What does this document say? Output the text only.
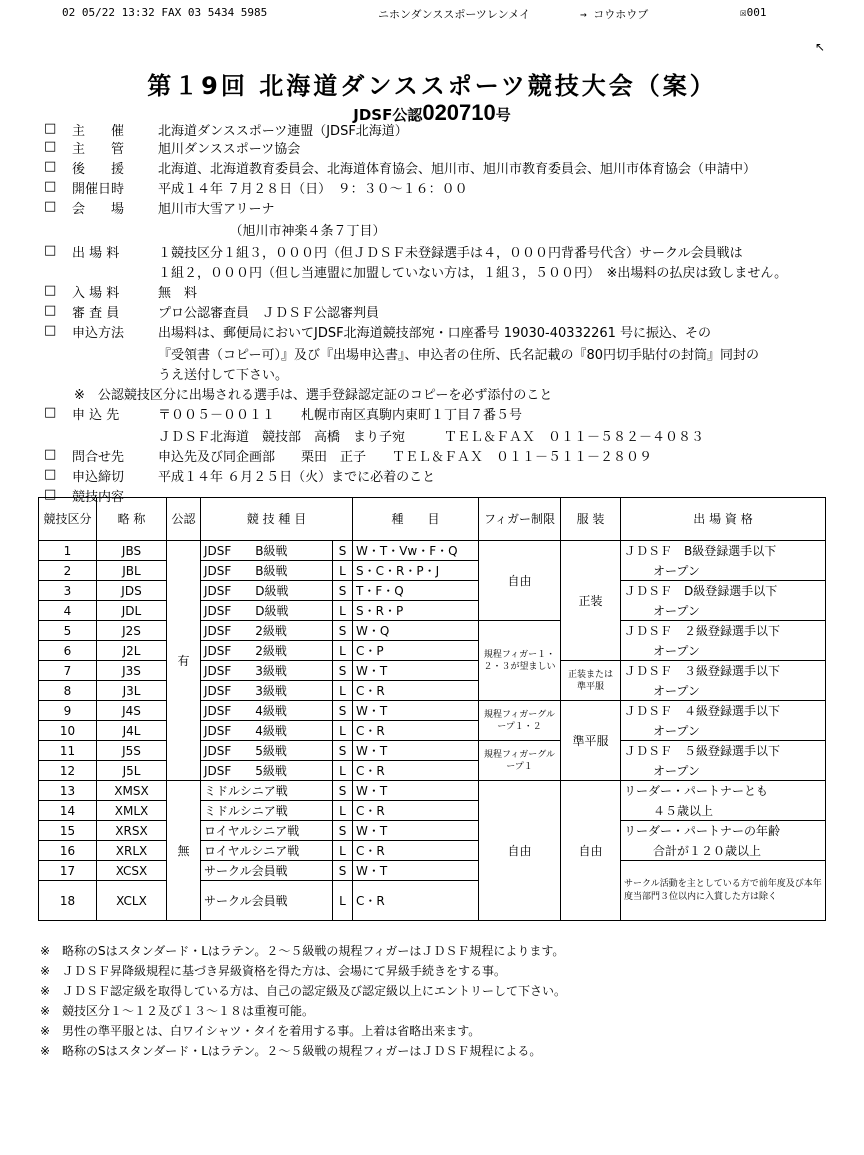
02 05/22 13:32 FAX 03 5434 5985	ニホンダンススポーツレンメイ	→ コウホウブ	☒001
↖
第１9回 北海道ダンススポーツ競技大会（案）
JDSF公認020710号
□ 主　　催	北海道ダンススポーツ連盟（JDSF北海道）
□ 主　　管	旭川ダンススポーツ協会
□ 後　　援	北海道、北海道教育委員会、北海道体育協会、旭川市、旭川市教育委員会、旭川市体育協会（申請中）
□ 開催日時	平成１４年 ７月２８日（日）　９：３０～１６：００
□ 会　　場	旭川市大雪アリーナ
　　　　　　（旭川市神楽４条７丁目）
□ 出 場 料	１競技区分１組３，０００円（但ＪＤＳＦ未登録選手は４，０００円背番号代含）サークル会員戦は
１組２，０００円（但し当連盟に加盟していない方は，１組３，５００円）　※出場料の払戻は致しません。
□ 入 場 料	無　料
□ 審 査 員	プロ公認審査員　ＪＤＳＦ公認審判員
□ 申込方法	出場料は、郵便局においてJDSF北海道競技部宛・口座番号 19030-40332261 号に振込、その
『受領書（コピー可）』及び『出場申込書』、申込者の住所、氏名記載の『80円切手貼付の封筒』同封の
うえ送付して下さい。
※　公認競技区分に出場される選手は、選手登録認定証のコピーを必ず添付のこと
□ 申 込 先	〒００５－００１１　　札幌市南区真駒内東町１丁目７番５号
ＪＤＳＦ北海道　競技部　高橋　まり子宛　　　ＴＥＬ＆ＦＡＸ　０１１－５８２－４０８３
□ 問合せ先	申込先及び同企画部　　栗田　正子　　ＴＥＬ＆ＦＡＸ　０１１－５１１－２８０９
□ 申込締切	平成１４年 ６月２５日（火）までに必着のこと
□ 競技内容
競技区分	略 称	公認	競 技 種 目		種　　目	フィガー制限	服 装	出 場 資 格
1	JBS	有	JDSF　　B級戦	S	W・T・Vw・F・Q	自由	正装	ＪＤＳＦ　B級登録選手以下
2	JBL		JDSF　　B級戦	L	S・C・R・P・J			オープン
3	JDS		JDSF　　D級戦	S	T・F・Q			ＪＤＳＦ　D級登録選手以下
4	JDL		JDSF　　D級戦	L	S・R・P			オープン
5	J2S		JDSF　　2級戦	S	W・Q	規程フィガー１・２・３が望ましい		ＪＤＳＦ　２級登録選手以下
6	J2L		JDSF　　2級戦	L	C・P			オープン
7	J3S		JDSF　　3級戦	S	W・T		正装または準平服	ＪＤＳＦ　３級登録選手以下
8	J3L		JDSF　　3級戦	L	C・R			オープン
9	J4S		JDSF　　4級戦	S	W・T	規程フィガーグループ１・２	準平服	ＪＤＳＦ　４級登録選手以下
10	J4L		JDSF　　4級戦	L	C・R			オープン
11	J5S		JDSF　　5級戦	S	W・T	規程フィガーグループ１		ＪＤＳＦ　５級登録選手以下
12	J5L		JDSF　　5級戦	L	C・R			オープン
13	XMSX	無	ミドルシニア戦	S	W・T	自由	自由	リーダー・パートナーとも
14	XMLX		ミドルシニア戦	L	C・R			４５歳以上
15	XRSX		ロイヤルシニア戦	S	W・T			リーダー・パートナーの年齢
16	XRLX		ロイヤルシニア戦	L	C・R			合計が１２０歳以上
17	XCSX		サークル会員戦	S	W・T			サークル活動を主としている方で前年度及び本年度当部門３位以内に入賞した方は除く
18	XCLX		サークル会員戦	L	C・R			
※　略称のSはスタンダード・Lはラテン。２～５級戦の規程フィガーはＪＤＳＦ規程によります。
※　ＪＤＳＦ昇降級規程に基づき昇級資格を得た方は、会場にて昇級手続きをする事。
※　ＪＤＳＦ認定級を取得している方は、自己の認定級及び認定級以上にエントリーして下さい。
※　競技区分１～１２及び１３～１８は重複可能。
※　男性の準平服とは、白ワイシャツ・タイを着用する事。上着は省略出来ます。
※　略称のSはスタンダード・Lはラテン。２～５級戦の規程フィガーはＪＤＳＦ規程による。
